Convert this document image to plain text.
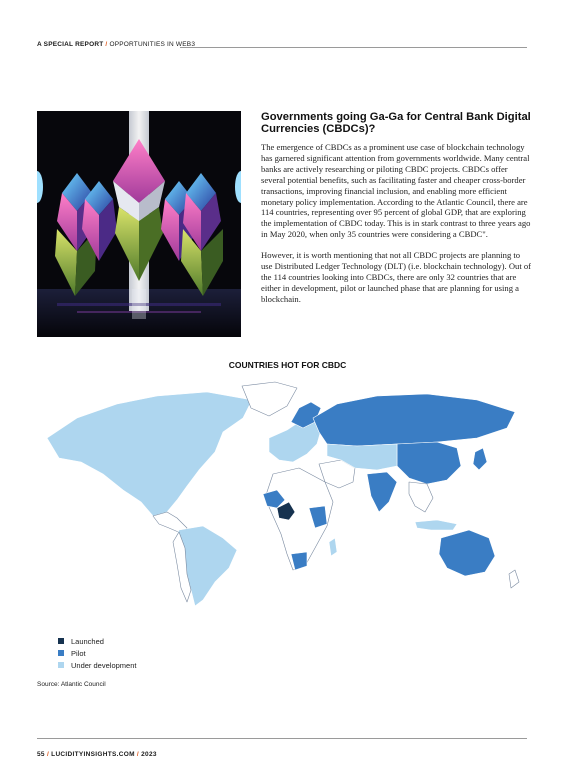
A SPECIAL REPORT / OPPORTUNITIES IN WEB3
Governments going Ga-Ga for Central Bank Digital Currencies (CBDCs)?

The emergence of CBDCs as a prominent use case of blockchain technology has garnered significant attention from governments worldwide. Many central banks are actively researching or piloting CBDC projects. CBDCs offer several potential benefits, such as facilitating faster and cheaper cross-border transactions, improving financial inclusion, and enabling more efficient monetary policy implementation. According to the Atlantic Council, there are 114 countries, representing over 95 percent of global GDP, that are exploring the implementation of CBDC today. This is in stark contrast to three years ago in May 2020, when only 35 countries were considering a CBDC".

However, it is worth mentioning that not all CBDC projects are planning to use Distributed Ledger Technology (DLT) (i.e. blockchain technology). Out of the 114 countries looking into CBDCs, there are only 32 countries that are either in development, pilot or launched phase that are planning for using a blockchain.

COUNTRIES HOT FOR CBDC
Launched
Pilot
Under development
Source: Atlantic Council
55 / LUCIDITYINSIGHTS.COM / 2023
